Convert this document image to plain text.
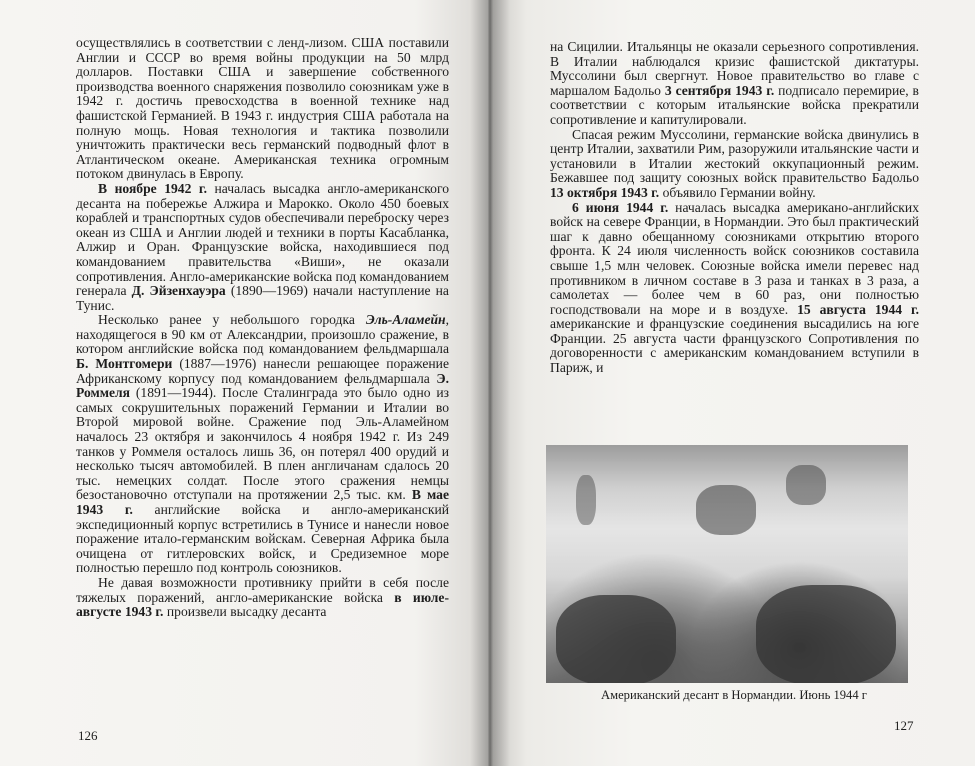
осуществлялись в соответствии с ленд-лизом. США поставили Англии и СССР во время войны продукции на 50 млрд долларов. Поставки США и завершение собственного производства военного снаряжения позволило союзникам уже в 1942 г. достичь превосходства в военной технике над фашистской Германией. В 1943 г. индустрия США работала на полную мощь. Новая технология и тактика позволили уничтожить практически весь германский подводный флот в Атлантическом океане. Американская техника огромным потоком двинулась в Европу.

В ноябре 1942 г. началась высадка англо-американского десанта на побережье Алжира и Марокко. Около 450 боевых кораблей и транспортных судов обеспечивали переброску через океан из США и Англии людей и техники в порты Касабланка, Алжир и Оран. Французские войска, находившиеся под командованием правительства «Виши», не оказали сопротивления. Англо-американские войска под командованием генерала Д. Эйзенхауэра (1890—1969) начали наступление на Тунис.

Несколько ранее у небольшого городка Эль-Аламейн, находящегося в 90 км от Александрии, произошло сражение, в котором английские войска под командованием фельдмаршала Б. Монтгомери (1887—1976) нанесли решающее поражение Африканскому корпусу под командованием фельдмаршала Э. Роммеля (1891—1944). После Сталинграда это было одно из самых сокрушительных поражений Германии и Италии во Второй мировой войне. Сражение под Эль-Аламейном началось 23 октября и закончилось 4 ноября 1942 г. Из 249 танков у Роммеля осталось лишь 36, он потерял 400 орудий и несколько тысяч автомобилей. В плен англичанам сдалось 20 тыс. немецких солдат. После этого сражения немцы безостановочно отступали на протяжении 2,5 тыс. км. В мае 1943 г. английские войска и англо-американский экспедиционный корпус встретились в Тунисе и нанесли новое поражение итало-германским войскам. Северная Африка была очищена от гитлеровских войск, и Средиземное море полностью перешло под контроль союзников.

Не давая возможности противнику прийти в себя после тяжелых поражений, англо-американские войска в июле-августе 1943 г. произвели высадку десанта

126

на Сицилии. Итальянцы не оказали серьезного сопротивления. В Италии наблюдался кризис фашистской диктатуры. Муссолини был свергнут. Новое правительство во главе с маршалом Бадольо 3 сентября 1943 г. подписало перемирие, в соответствии с которым итальянские войска прекратили сопротивление и капитулировали.

Спасая режим Муссолини, германские войска двинулись в центр Италии, захватили Рим, разоружили итальянские части и установили в Италии жестокий оккупационный режим. Бежавшее под защиту союзных войск правительство Бадольо 13 октября 1943 г. объявило Германии войну.

6 июня 1944 г. началась высадка американо-английских войск на севере Франции, в Нормандии. Это был практический шаг к давно обещанному союзниками открытию второго фронта. К 24 июля численность войск союзников составила свыше 1,5 млн человек. Союзные войска имели перевес над противником в личном составе в 3 раза и танках в 3 раза, а самолетах — более чем в 60 раз, они полностью господствовали на море и в воздухе. 15 августа 1944 г. американские и французские соединения высадились на юге Франции. 25 августа части французского Сопротивления по договоренности с американским командованием вступили в Париж, и

Американский десант в Нормандии. Июнь 1944 г
127
